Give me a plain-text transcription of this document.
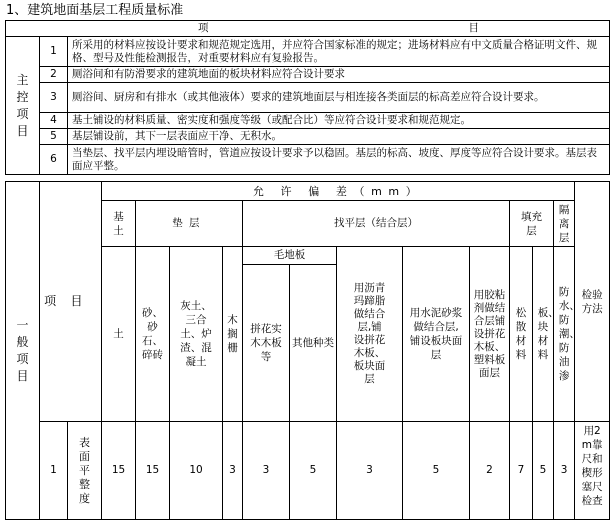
1、建筑地面基层工程质量标准
项 目		

主控项目	1	所采用的材料应按设计要求和规范规定选用，并应符合国家标准的规定；进场材料应有中文质量合格证明文件、规格、型号及性能检测报告，对重要材料应有复验报告。
	2	厕浴间和有防滑要求的建筑地面的板块材料应符合设计要求
	3	厕浴间、厨房和有排水（或其他液体）要求的建筑地面层与相连接各类面层的标高差应符合设计要求。
	4	基土铺设的材料质量、密实度和强度等级（或配合比）等应符合设计要求和规范规定。
	5	基层铺设前，其下一层表面应干净、无积水。
	6	当垫层、找平层内埋设暗管时，管道应按设计要求予以稳固。基层的标高、坡度、厚度等应符合设计要求。基层表面应平整。
一般项目	项目		允 许 偏 差（mm）												检验方法
			基土	垫层			找平层（结合层）					填充层		隔离层	
			土	砂、砂石、碎砖	灰土、三合土、炉渣、混凝土	木搁栅	毛地板		用沥青玛蹄脂做结合层,铺设拼花木板、板块面层	用水泥砂浆做结合层,铺设板块面层	用胶粘剂做结合层铺设拼花木板、塑料板面层	松散材料	板、块材料	防水、防潮、防油渗	
							拼花实木木板等	其他种类							
	1	表面平整度	15	15	10	3	3	5	3	5	2	7	5	3	用2m靠尺和楔形塞尺检查
